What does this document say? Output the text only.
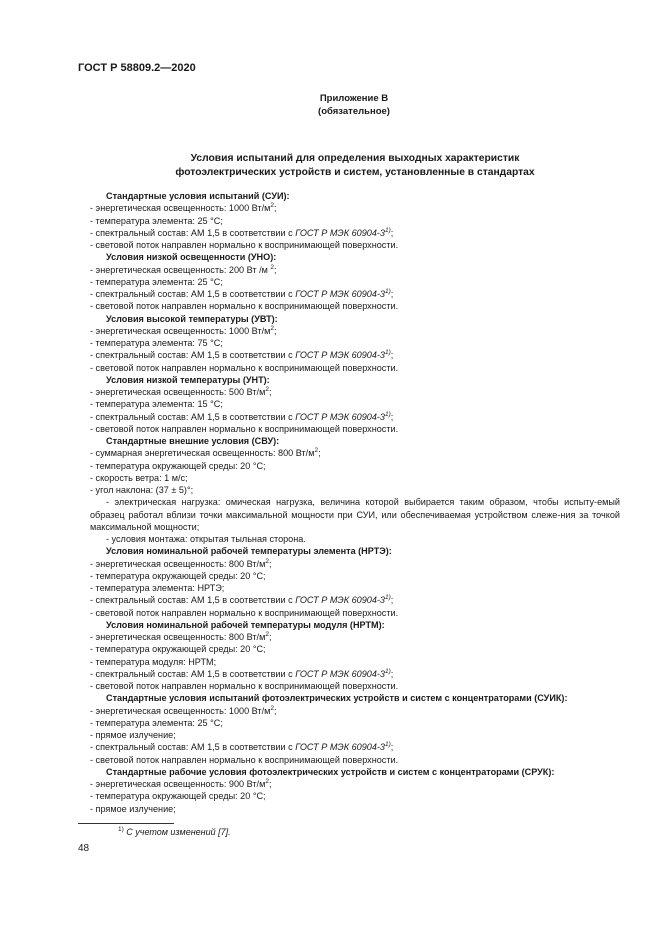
ГОСТ Р 58809.2—2020
Приложение В
(обязательное)
Условия испытаний для определения выходных характеристик
фотоэлектрических устройств и систем, установленные в стандартах
Стандартные условия испытаний (СУИ):
- энергетическая освещенность: 1000 $Вт/м^2$;
- температура элемента: 25 °С;
- спектральный состав: АМ 1,5 в соответствии с ГОСТ Р МЭК 60904-3$^{1)}$;
- световой поток направлен нормально к воспринимающей поверхности.
Условия низкой освещенности (УНО):
- энергетическая освещенность: 200 Вт /м $^2$;
- температура элемента: 25 °С;
- спектральный состав: АМ 1,5 в соответствии с ГОСТ Р МЭК 60904-3$^{1)}$;
- световой поток направлен нормально к воспринимающей поверхности.
Условия высокой температуры (УВТ):
- энергетическая освещенность: 1000 $Вт/м^2$;
- температура элемента: 75 °С;
- спектральный состав: АМ 1,5 в соответствии с ГОСТ Р МЭК 60904-3$^{1)}$;
- световой поток направлен нормально к воспринимающей поверхности.
Условия низкой температуры (УНТ):
- энергетическая освещенность: 500 $Вт/м^2$;
- температура элемента: 15 °С;
- спектральный состав: АМ 1,5 в соответствии с ГОСТ Р МЭК 60904-3$^{1)}$;
- световой поток направлен нормально к воспринимающей поверхности.
Стандартные внешние условия (СВУ):
- суммарная энергетическая освещенность: 800 $Вт/м^2$;
- температура окружающей среды: 20 °С;
- скорость ветра: 1 м/с;
- угол наклона: (37 ± 5)°;
- электрическая нагрузка: омическая нагрузка, величина которой выбирается таким образом, чтобы испыту-емый образец работал вблизи точки максимальной мощности при СУИ, или обеспечиваемая устройством слеже-ния за точкой максимальной мощности;
- условия монтажа: открытая тыльная сторона.
Условия номинальной рабочей температуры элемента (НРТЭ):
- энергетическая освещенность: 800 $Вт/м^2$;
- температура окружающей среды: 20 °С;
- температура элемента: НРТЭ;
- спектральный состав: АМ 1,5 в соответствии с ГОСТ Р МЭК 60904-3$^{1)}$;
- световой поток направлен нормально к воспринимающей поверхности.
Условия номинальной рабочей температуры модуля (НРТМ):
- энергетическая освещенность: 800 $Вт/м^2$;
- температура окружающей среды: 20 °С;
- температура модуля: НРТМ;
- спектральный состав: АМ 1,5 в соответствии с ГОСТ Р МЭК 60904-3$^{1)}$;
- световой поток направлен нормально к воспринимающей поверхности.
Стандартные условия испытаний фотоэлектрических устройств и систем с концентраторами (СУИК):
- энергетическая освещенность: 1000 $Вт/м^2$;
- температура элемента: 25 °С;
- прямое излучение;
- спектральный состав: АМ 1,5 в соответствии с ГОСТ Р МЭК 60904-3$^{1)}$;
- световой поток направлен нормально к воспринимающей поверхности.
Стандартные рабочие условия фотоэлектрических устройств и систем с концентраторами (СРУК):
- энергетическая освещенность: 900 $Вт/м^2$;
- температура окружающей среды: 20 °С;
- прямое излучение;
$^{1)}$ С учетом изменений [7].
48
